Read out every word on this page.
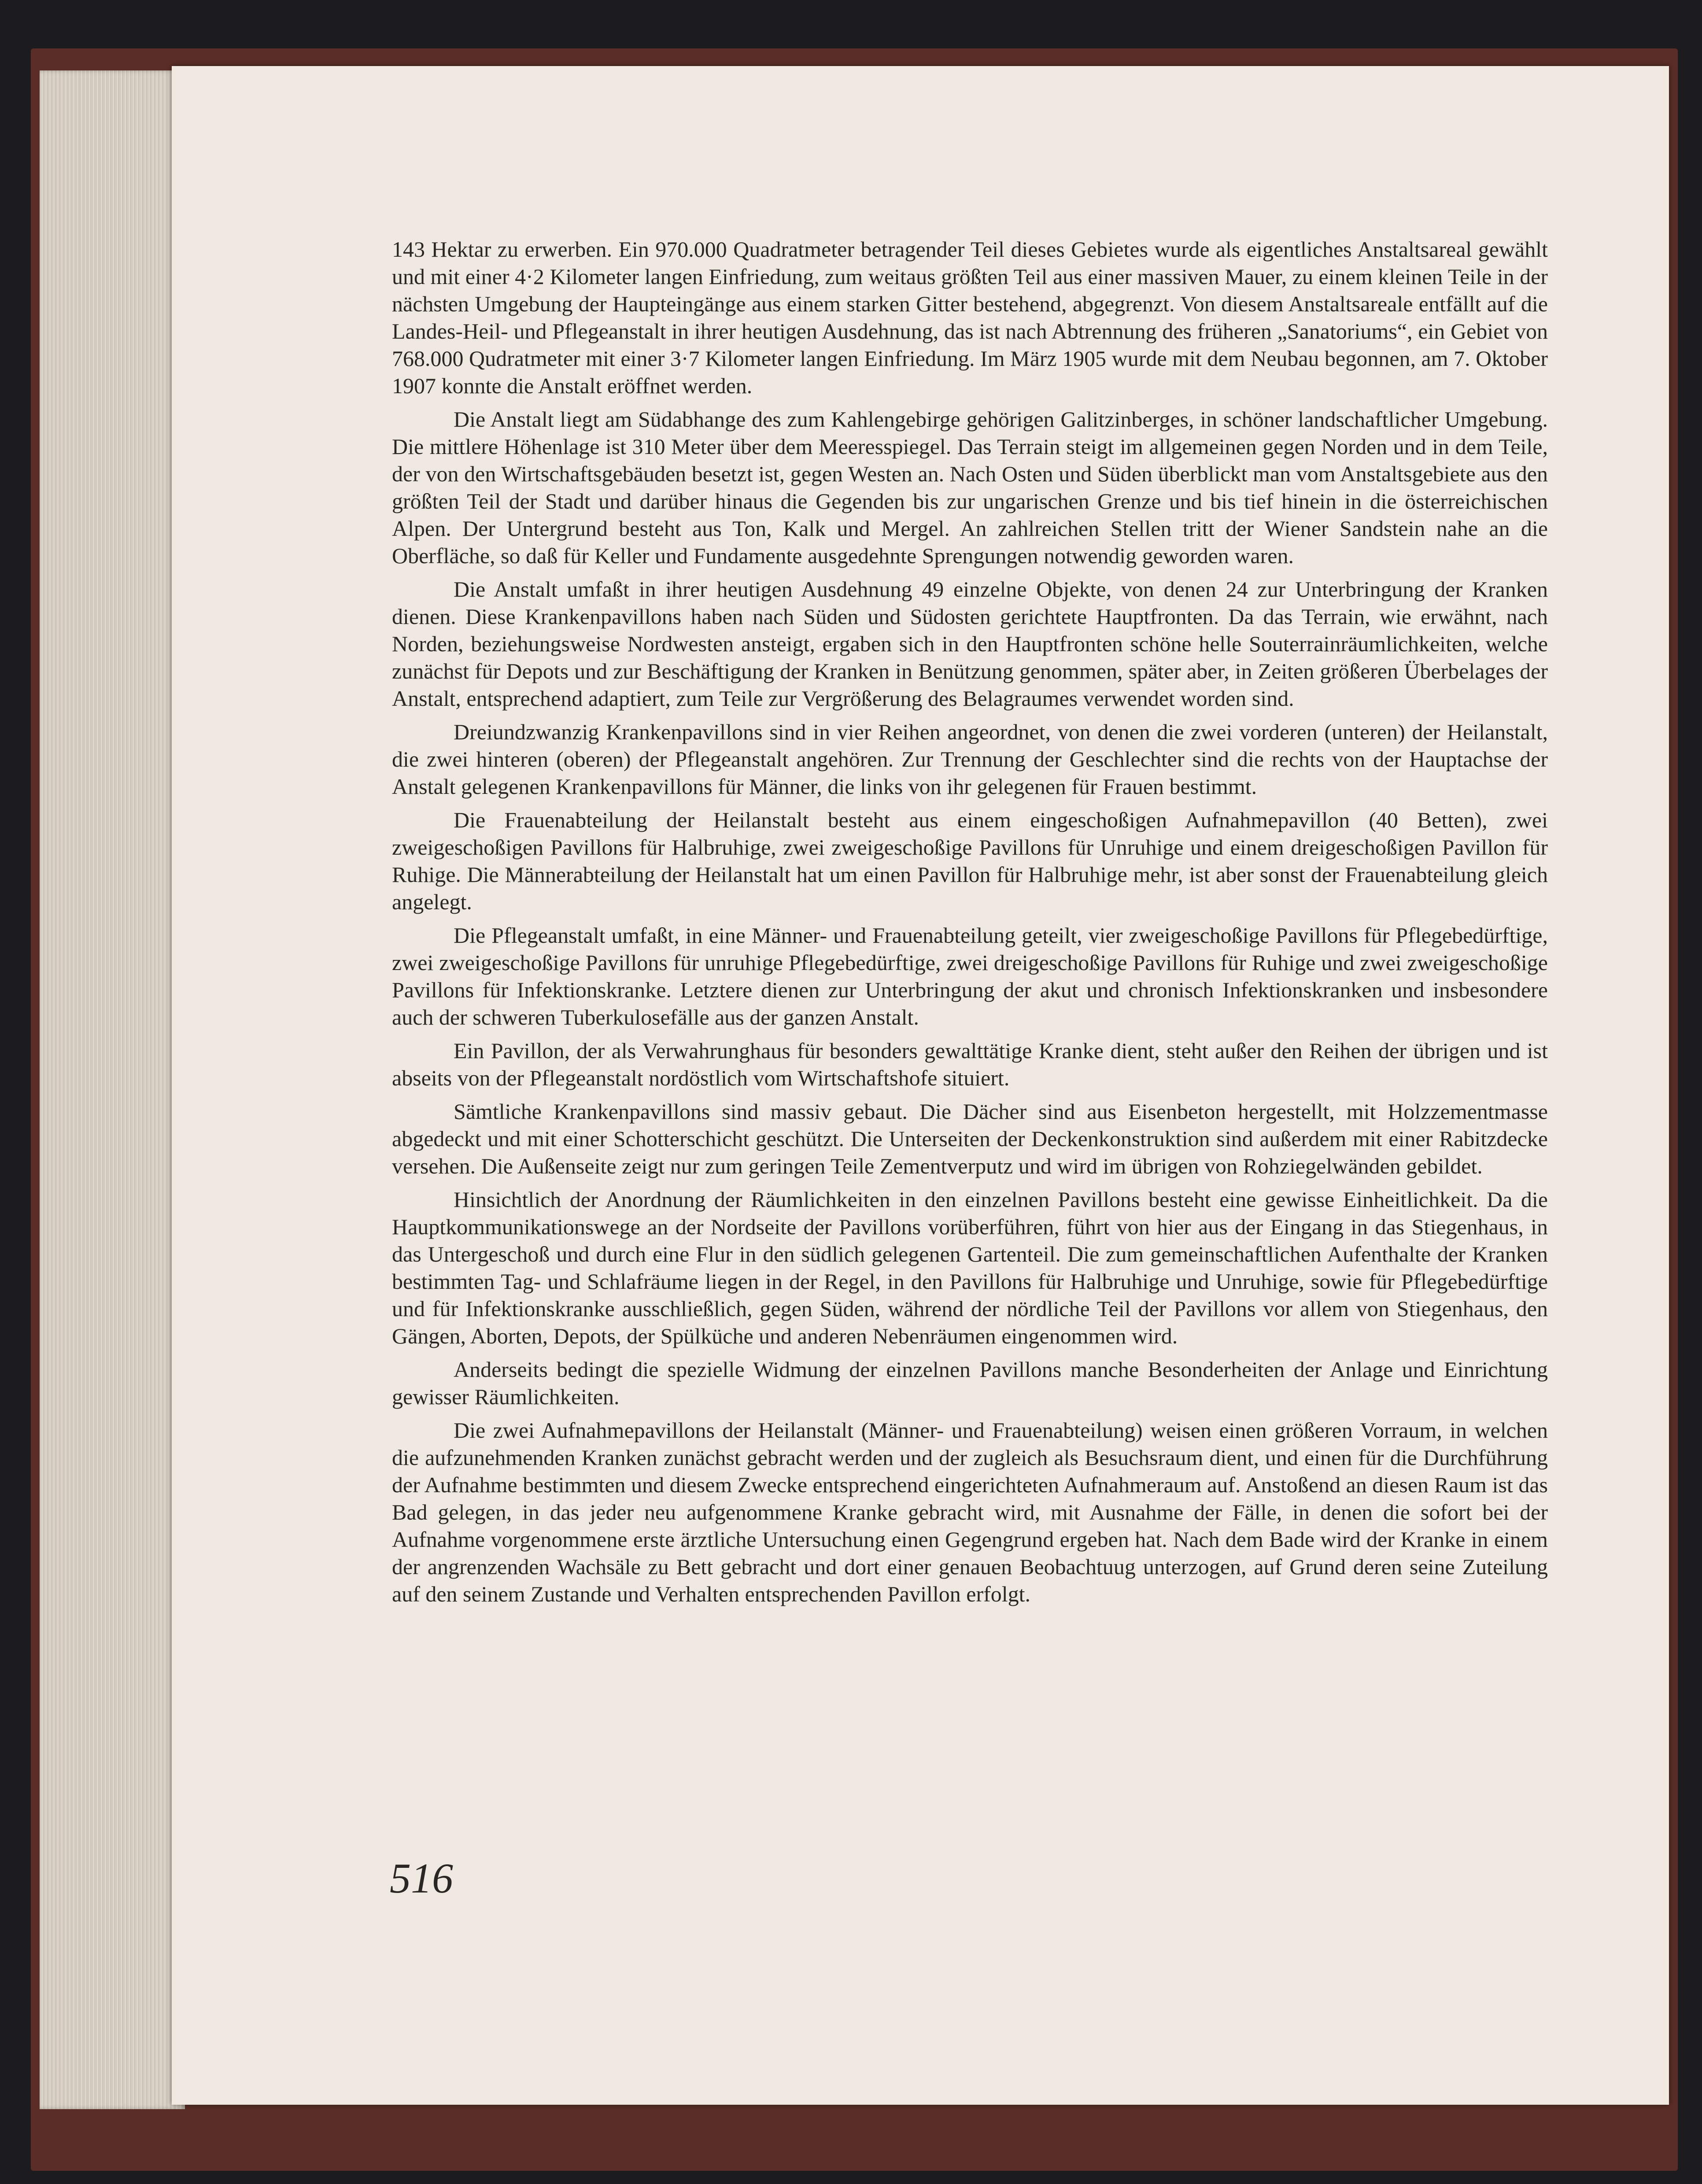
143 Hektar zu erwerben. Ein 970.000 Quadratmeter betragender Teil dieses Gebietes wurde als eigentliches Anstaltsareal gewählt und mit einer 4·2 Kilometer langen Einfriedung, zum weitaus größten Teil aus einer massiven Mauer, zu einem kleinen Teile in der nächsten Umgebung der Haupteingänge aus einem starken Gitter bestehend, abgegrenzt. Von diesem Anstaltsareale entfällt auf die Landes-Heil- und Pflegeanstalt in ihrer heutigen Ausdehnung, das ist nach Abtrennung des früheren „Sanatoriums“, ein Gebiet von 768.000 Qudratmeter mit einer 3·7 Kilometer langen Einfriedung. Im März 1905 wurde mit dem Neubau begonnen, am 7. Oktober 1907 konnte die Anstalt eröffnet werden.

Die Anstalt liegt am Südabhange des zum Kahlengebirge gehörigen Galitzinberges, in schöner landschaftlicher Umgebung. Die mittlere Höhenlage ist 310 Meter über dem Meeresspiegel. Das Terrain steigt im allgemeinen gegen Norden und in dem Teile, der von den Wirtschaftsgebäuden besetzt ist, gegen Westen an. Nach Osten und Süden überblickt man vom Anstaltsgebiete aus den größten Teil der Stadt und darüber hinaus die Gegenden bis zur ungarischen Grenze und bis tief hinein in die österreichischen Alpen. Der Untergrund besteht aus Ton, Kalk und Mergel. An zahlreichen Stellen tritt der Wiener Sandstein nahe an die Oberfläche, so daß für Keller und Fundamente ausgedehnte Sprengungen notwendig geworden waren.

Die Anstalt umfaßt in ihrer heutigen Ausdehnung 49 einzelne Objekte, von denen 24 zur Unterbringung der Kranken dienen. Diese Krankenpavillons haben nach Süden und Südosten gerichtete Hauptfronten. Da das Terrain, wie erwähnt, nach Norden, beziehungsweise Nordwesten ansteigt, ergaben sich in den Hauptfronten schöne helle Souterrainräumlichkeiten, welche zunächst für Depots und zur Beschäftigung der Kranken in Benützung genommen, später aber, in Zeiten größeren Überbelages der Anstalt, entsprechend adaptiert, zum Teile zur Vergrößerung des Belagraumes verwendet worden sind.

Dreiundzwanzig Krankenpavillons sind in vier Reihen angeordnet, von denen die zwei vorderen (unteren) der Heilanstalt, die zwei hinteren (oberen) der Pflegeanstalt angehören. Zur Trennung der Geschlechter sind die rechts von der Hauptachse der Anstalt gelegenen Krankenpavillons für Männer, die links von ihr gelegenen für Frauen bestimmt.

Die Frauenabteilung der Heilanstalt besteht aus einem eingeschoßigen Aufnahmepavillon (40 Betten), zwei zweigeschoßigen Pavillons für Halbruhige, zwei zweigeschoßige Pavillons für Unruhige und einem dreigeschoßigen Pavillon für Ruhige. Die Männerabteilung der Heilanstalt hat um einen Pavillon für Halbruhige mehr, ist aber sonst der Frauenabteilung gleich angelegt.

Die Pflegeanstalt umfaßt, in eine Männer- und Frauenabteilung geteilt, vier zweigeschoßige Pavillons für Pflegebedürftige, zwei zweigeschoßige Pavillons für unruhige Pflegebedürftige, zwei dreigeschoßige Pavillons für Ruhige und zwei zweigeschoßige Pavillons für Infektionskranke. Letztere dienen zur Unterbringung der akut und chronisch Infektionskranken und insbesondere auch der schweren Tuberkulosefälle aus der ganzen Anstalt.

Ein Pavillon, der als Verwahrunghaus für besonders gewalttätige Kranke dient, steht außer den Reihen der übrigen und ist abseits von der Pflegeanstalt nordöstlich vom Wirtschaftshofe situiert.

Sämtliche Krankenpavillons sind massiv gebaut. Die Dächer sind aus Eisenbeton hergestellt, mit Holzzementmasse abgedeckt und mit einer Schotterschicht geschützt. Die Unterseiten der Deckenkonstruktion sind außerdem mit einer Rabitzdecke versehen. Die Außenseite zeigt nur zum geringen Teile Zementverputz und wird im übrigen von Rohziegelwänden gebildet.

Hinsichtlich der Anordnung der Räumlichkeiten in den einzelnen Pavillons besteht eine gewisse Einheitlichkeit. Da die Hauptkommunikationswege an der Nordseite der Pavillons vorüberführen, führt von hier aus der Eingang in das Stiegenhaus, in das Untergeschoß und durch eine Flur in den südlich gelegenen Gartenteil. Die zum gemeinschaftlichen Aufenthalte der Kranken bestimmten Tag- und Schlafräume liegen in der Regel, in den Pavillons für Halbruhige und Unruhige, sowie für Pflegebedürftige und für Infektionskranke ausschließlich, gegen Süden, während der nördliche Teil der Pavillons vor allem von Stiegenhaus, den Gängen, Aborten, Depots, der Spülküche und anderen Nebenräumen eingenommen wird.

Anderseits bedingt die spezielle Widmung der einzelnen Pavillons manche Besonderheiten der Anlage und Einrichtung gewisser Räumlichkeiten.

Die zwei Aufnahmepavillons der Heilanstalt (Männer- und Frauenabteilung) weisen einen größeren Vorraum, in welchen die aufzunehmenden Kranken zunächst gebracht werden und der zugleich als Besuchsraum dient, und einen für die Durchführung der Aufnahme bestimmten und diesem Zwecke entsprechend eingerichteten Aufnahmeraum auf. Anstoßend an diesen Raum ist das Bad gelegen, in das jeder neu aufgenommene Kranke gebracht wird, mit Ausnahme der Fälle, in denen die sofort bei der Aufnahme vorgenommene erste ärztliche Untersuchung einen Gegengrund ergeben hat. Nach dem Bade wird der Kranke in einem der angrenzenden Wachsäle zu Bett gebracht und dort einer genauen Beobachtuug unterzogen, auf Grund deren seine Zuteilung auf den seinem Zustande und Verhalten entsprechenden Pavillon erfolgt.

516
